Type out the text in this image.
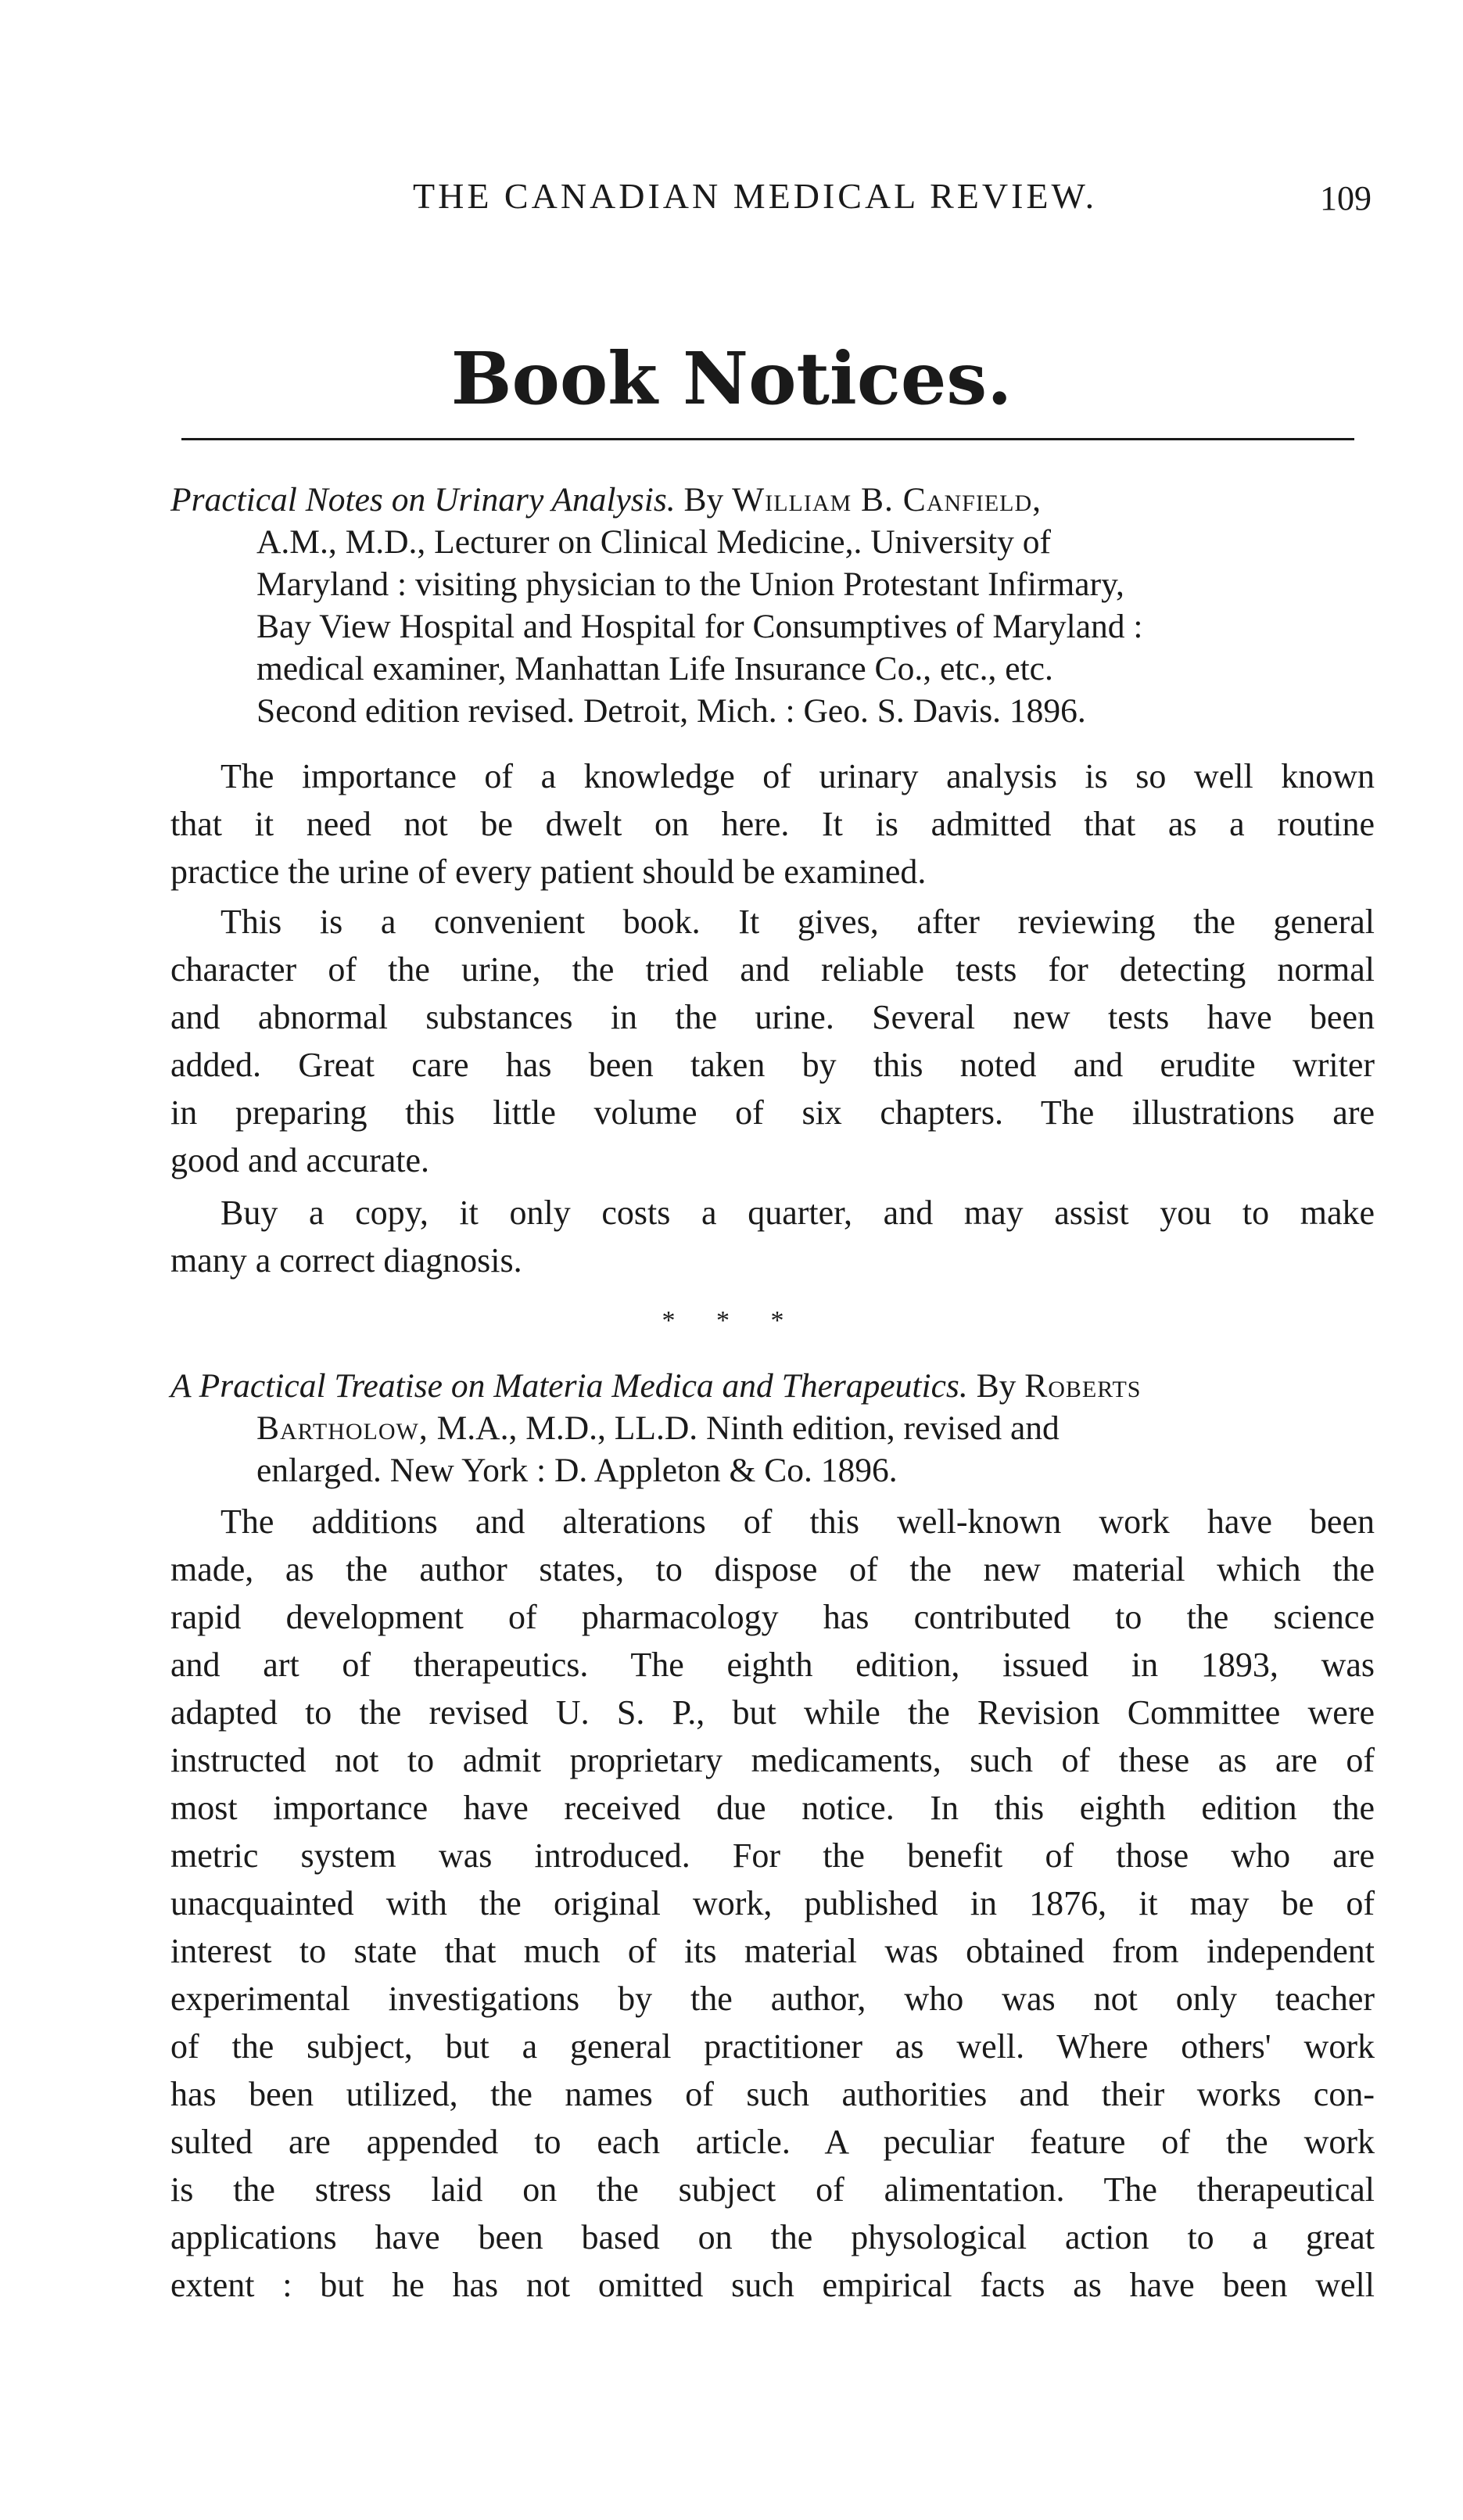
THE CANADIAN MEDICAL REVIEW.	109
Book Notices.
Practical Notes on Urinary Analysis. By William B. Canfield,
A.M., M.D., Lecturer on Clinical Medicine,. University of
Maryland : visiting physician to the Union Protestant Infirmary,
Bay View Hospital and Hospital for Consumptives of Maryland :
medical examiner, Manhattan Life Insurance Co., etc., etc.
Second edition revised. Detroit, Mich. : Geo. S. Davis. 1896.
The importance of a knowledge of urinary analysis is so well known
that it need not be dwelt on here. It is admitted that as a routine
practice the urine of every patient should be examined.
This is a convenient book. It gives, after reviewing the general
character of the urine, the tried and reliable tests for detecting normal
and abnormal substances in the urine. Several new tests have been
added. Great care has been taken by this noted and erudite writer
in preparing this little volume of six chapters. The illustrations are
good and accurate.
Buy a copy, it only costs a quarter, and may assist you to make
many a correct diagnosis.
* * *
A Practical Treatise on Materia Medica and Therapeutics. By Roberts
Bartholow, M.A., M.D., LL.D. Ninth edition, revised and
enlarged. New York : D. Appleton & Co. 1896.
The additions and alterations of this well-known work have been
made, as the author states, to dispose of the new material which the
rapid development of pharmacology has contributed to the science
and art of therapeutics. The eighth edition, issued in 1893, was
adapted to the revised U. S. P., but while the Revision Committee were
instructed not to admit proprietary medicaments, such of these as are of
most importance have received due notice. In this eighth edition the
metric system was introduced. For the benefit of those who are
unacquainted with the original work, published in 1876, it may be of
interest to state that much of its material was obtained from independent
experimental investigations by the author, who was not only teacher
of the subject, but a general practitioner as well. Where others' work
has been utilized, the names of such authorities and their works con-
sulted are appended to each article. A peculiar feature of the work
is the stress laid on the subject of alimentation. The therapeutical
applications have been based on the physological action to a great
extent : but he has not omitted such empirical facts as have been well
